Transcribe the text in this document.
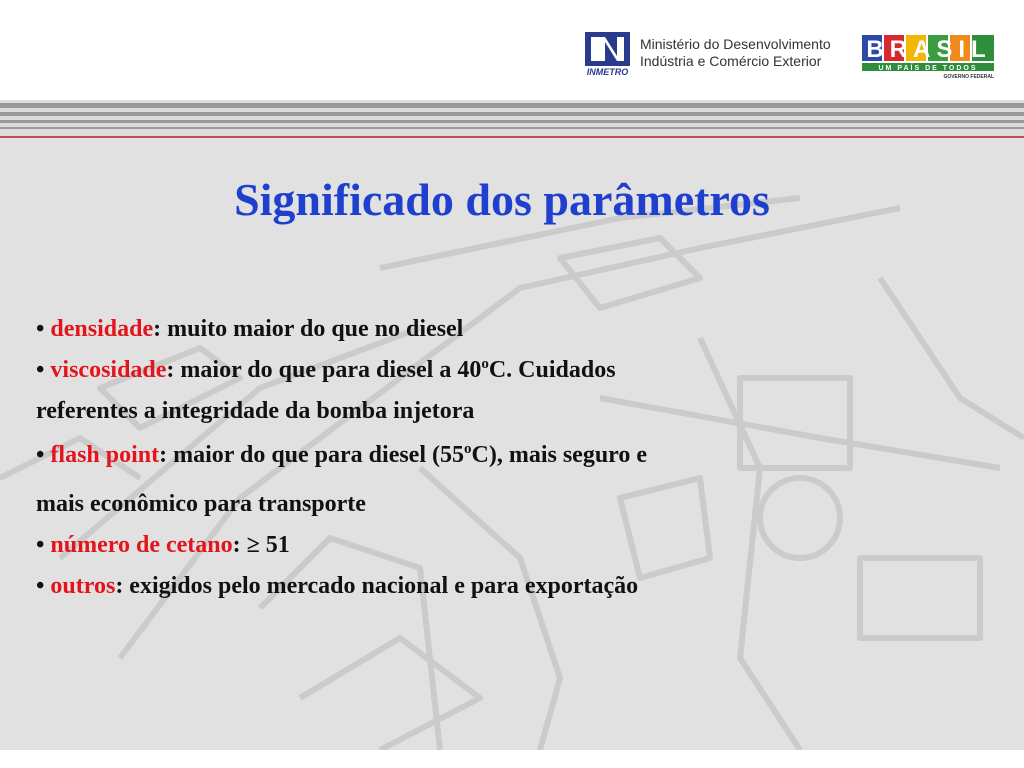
INMETRO
Ministério do Desenvolvimento
Indústria e Comércio Exterior	BRASIL
UM PAÍS DE TODOS
GOVERNO FEDERAL
Significado dos parâmetros
• densidade: muito maior do que no diesel
• viscosidade: maior do que para diesel a 40$^o$C. Cuidados
referentes a integridade da bomba injetora
• flash point: maior do que para diesel (55$^o$C), mais seguro e
mais econômico para transporte
• número de cetano: ≥ 51
• outros: exigidos pelo mercado nacional e para exportação
